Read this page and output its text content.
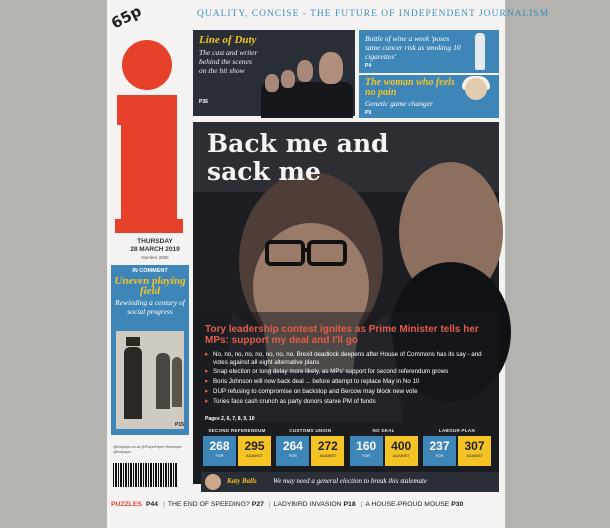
65p	QUALITY, CONCISE - THE FUTURE OF INDEPENDENT JOURNALISM
THURSDAY
28 MARCH 2019
Number 2565
Line of Duty
The cast and writer behind the scenes on the hit show
P36
Bottle of wine a week 'poses same cancer risk as smoking 10 cigarettes'
P4
The woman who feels no pain
Genetic game changer
P9
IN COMMENT
Uneven playing field
Rewinding a century of social progress
P15
@theipaper.co.uk @iPaperPaper f/theipaper @theipaper
Back me and sack me
Tory leadership contest ignites as Prime Minister tells her MPs: support my deal and I'll go
▸ No, no, no, no, no, no, no, no. Brexit deadlock deepens after House of Commons has its say - and votes against all eight alternative plans
▸ Snap election or long delay more likely, as MPs' support for second referendum grows
▸ Boris Johnson will now back deal ... before attempt to replace May in No 10
▸ DUP refusing to compromise on backstop and Bercow may block new vote
▸ Tories face cash crunch as party donors starve PM of funds
Pages 2, 6, 7, 8, 9, 10
SECOND REFERENDUM
268
FOR
295
AGAINST
CUSTOMS UNION
264
FOR
272
AGAINST
NO DEAL
160
FOR
400
AGAINST
LABOUR PLAN
237
FOR
307
AGAINST
Katy Balls We may need a general election to break this stalemate
PUZZLES P44 | THE END OF SPEEDING? P27 | LADYBIRD INVASION P18 | A HOUSE-PROUD MOUSE P30
